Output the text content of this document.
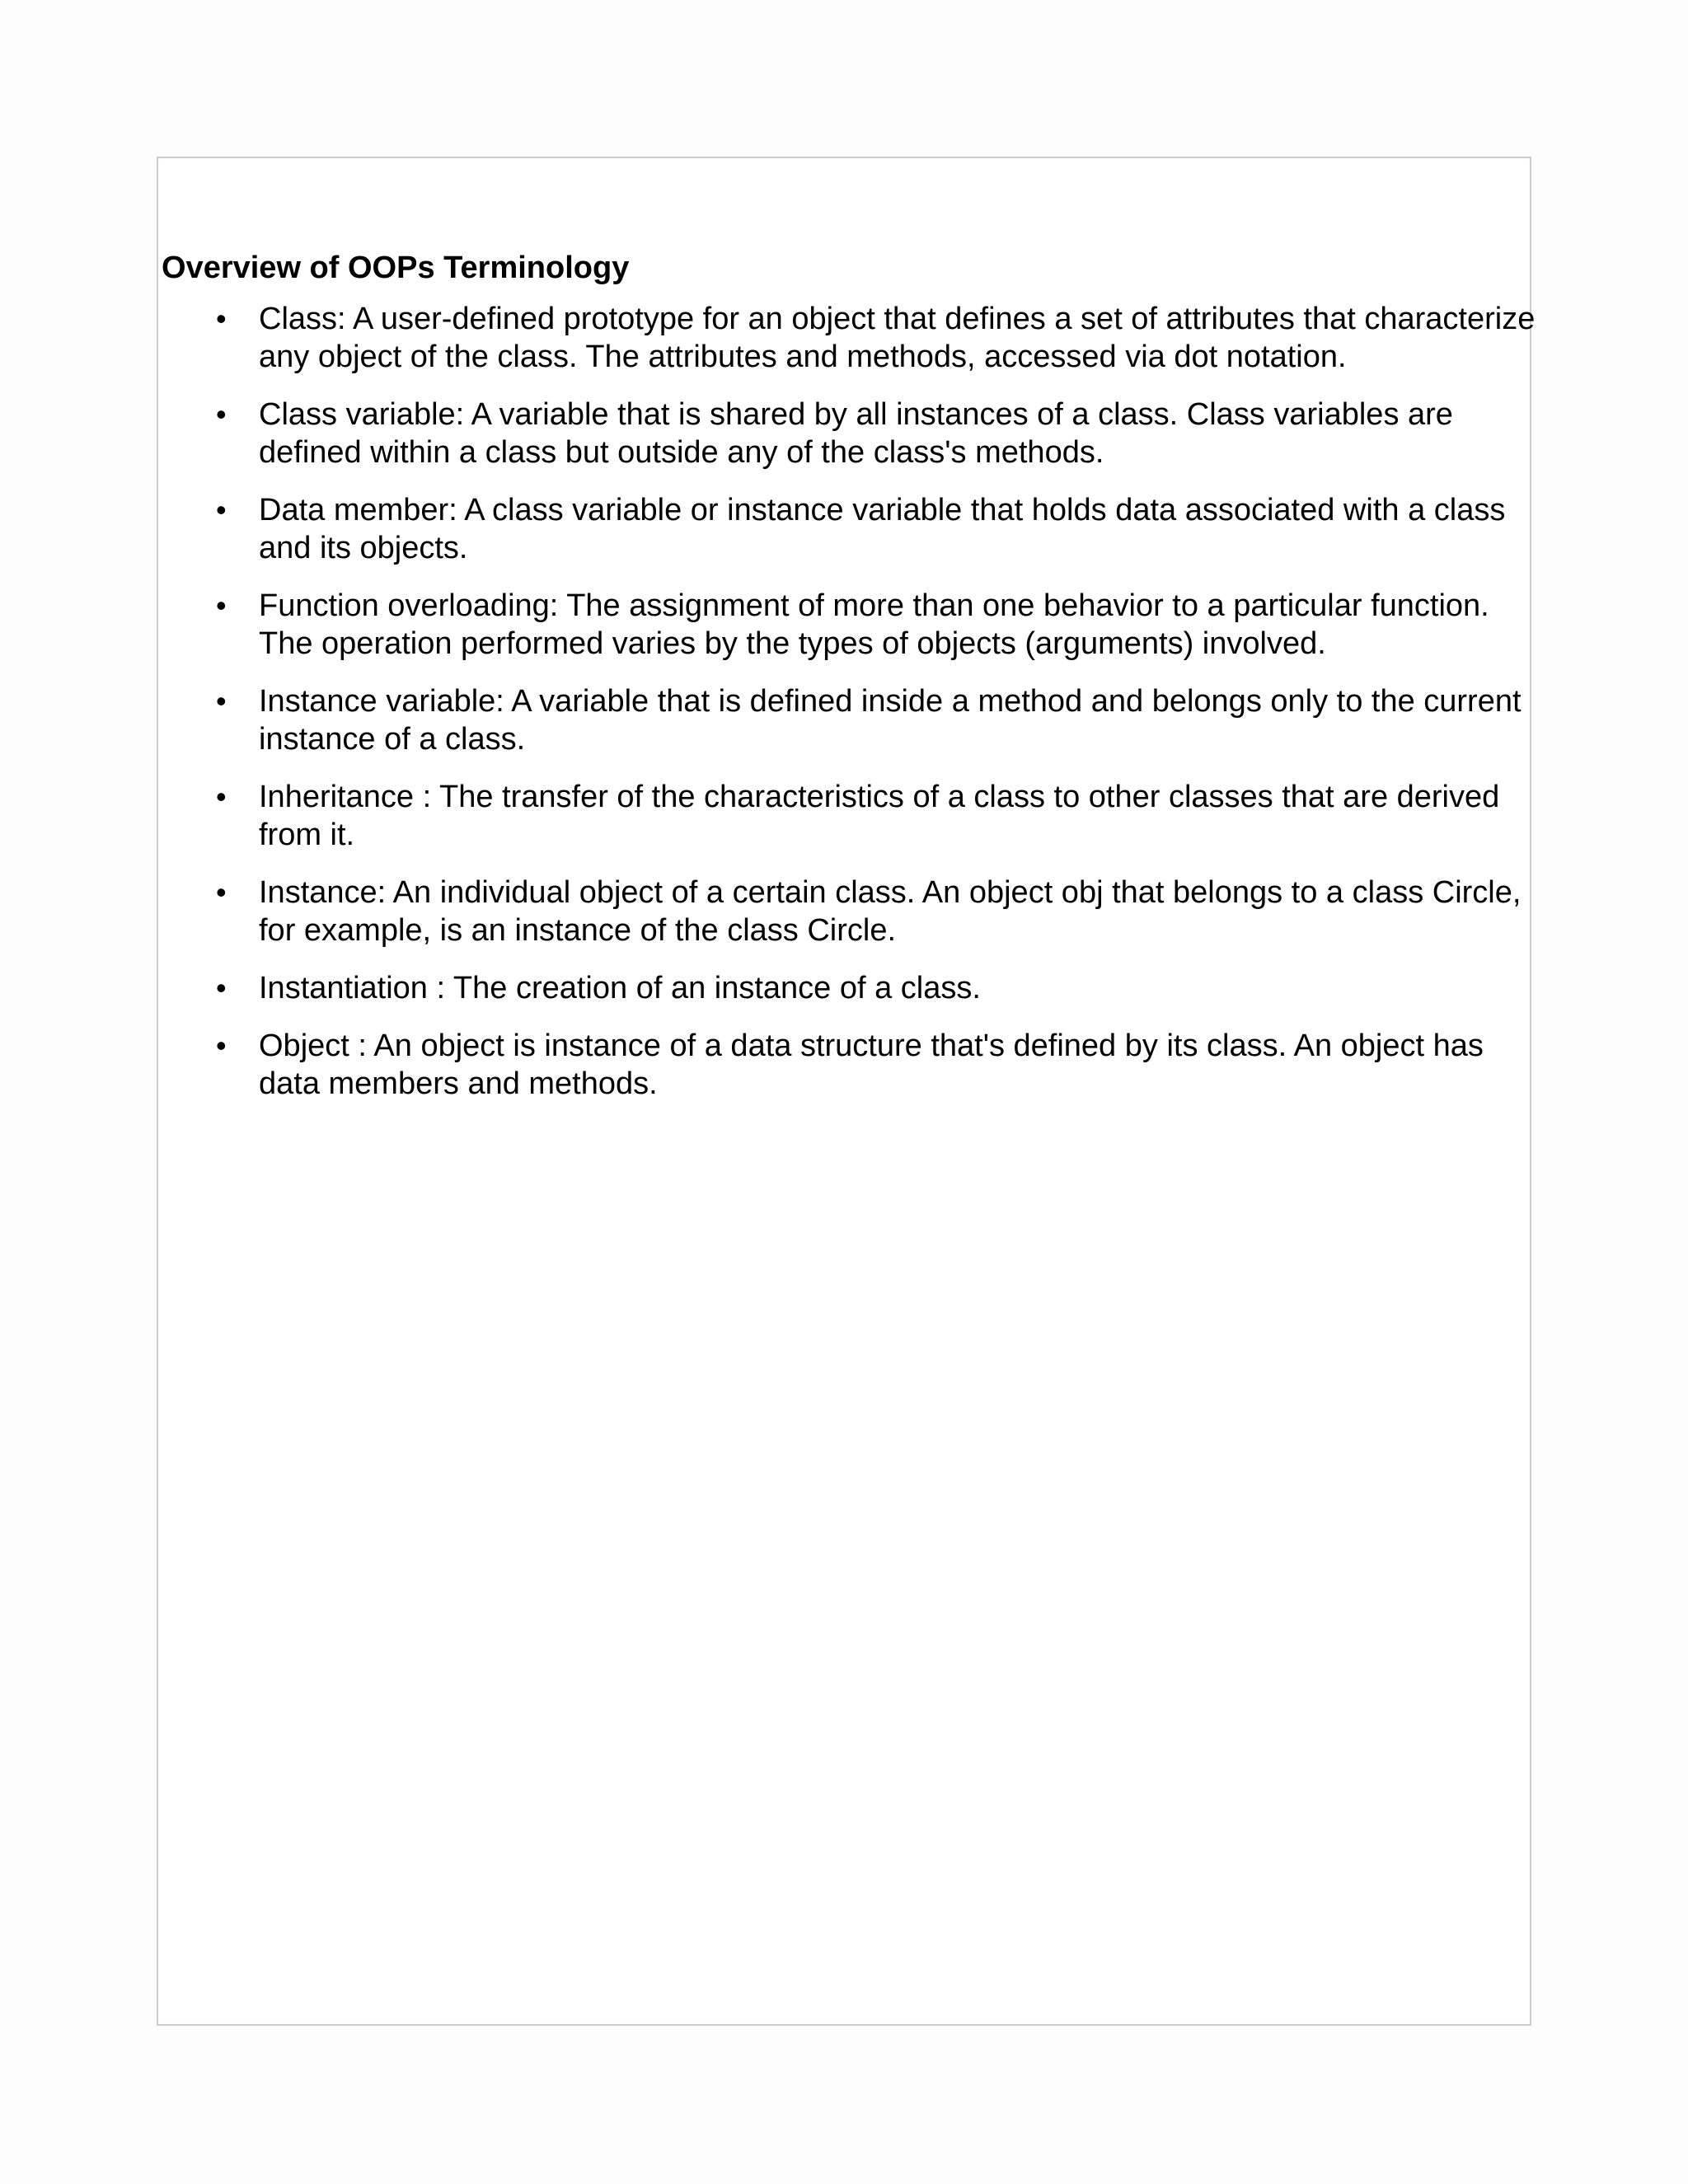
Overview of OOPs Terminology
• Class: A user-defined prototype for an object that defines a set of attributes that characterize any object of the class. The attributes and methods, accessed via dot notation.
• Class variable: A variable that is shared by all instances of a class. Class variables are defined within a class but outside any of the class's methods.
• Data member: A class variable or instance variable that holds data associated with a class and its objects.
• Function overloading: The assignment of more than one behavior to a particular function. The operation performed varies by the types of objects (arguments) involved.
• Instance variable: A variable that is defined inside a method and belongs only to the current instance of a class.
• Inheritance : The transfer of the characteristics of a class to other classes that are derived from it.
• Instance: An individual object of a certain class. An object obj that belongs to a class Circle, for example, is an instance of the class Circle.
• Instantiation : The creation of an instance of a class.
• Object : An object is instance of a data structure that's defined by its class. An object has data members and methods.
